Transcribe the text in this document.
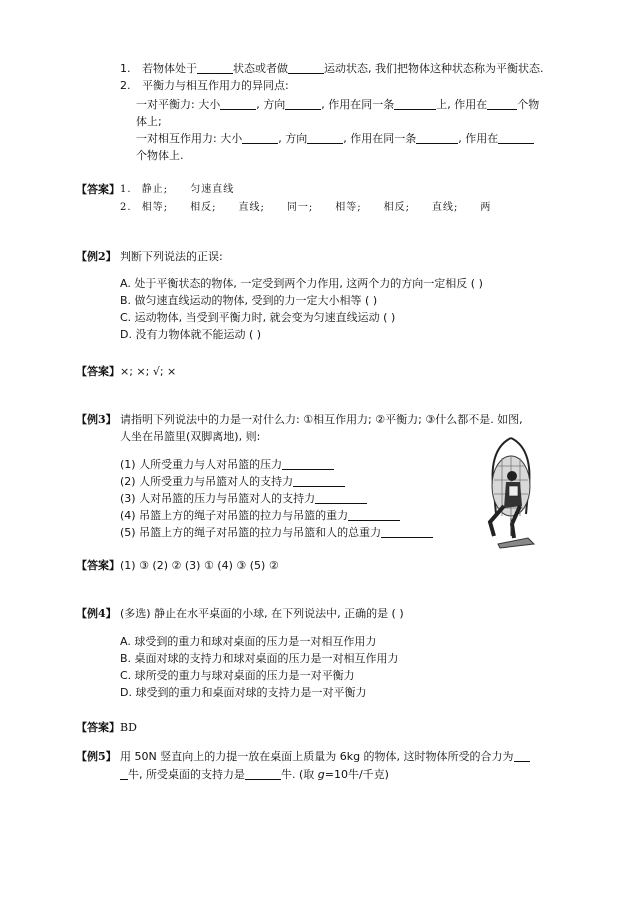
1. 若物体处于	状态或者做	运动状态, 我们把物体这种状态称为平衡状态.
2. 平衡力与相互作用力的异同点:
一对平衡力: 大小	, 方向	, 作用在同一条	上, 作用在	个物
体上;
一对相互作用力: 大小	, 方向	, 作用在同一条	, 作用在
个物体上.
【答案】 1. 静止; 匀速直线
2. 相等; 相反; 直线; 同一; 相等; 相反; 直线; 两
【例2】 判断下列说法的正误:
A. 处于平衡状态的物体, 一定受到两个力作用, 这两个力的方向一定相反 ( )
B. 做匀速直线运动的物体, 受到的力一定大小相等 ( )
C. 运动物体, 当受到平衡力时, 就会变为匀速直线运动 ( )
D. 没有力物体就不能运动 ( )
【答案】 ×; ×; √; ×
【例3】 请指明下列说法中的力是一对什么力: ①相互作用力; ②平衡力; ③什么都不是. 如图,
人坐在吊篮里(双脚离地), 则:
(1) 人所受重力与人对吊篮的压力
(2) 人所受重力与吊篮对人的支持力
(3) 人对吊篮的压力与吊篮对人的支持力
(4) 吊篮上方的绳子对吊篮的拉力与吊篮的重力
(5) 吊篮上方的绳子对吊篮的拉力与吊篮和人的总重力
【答案】 (1) ③ (2) ② (3) ① (4) ③ (5) ②
【例4】 (多选) 静止在水平桌面的小球, 在下列说法中, 正确的是 ( )
A. 球受到的重力和球对桌面的压力是一对相互作用力
B. 桌面对球的支持力和球对桌面的压力是一对相互作用力
C. 球所受的重力与球对桌面的压力是一对平衡力
D. 球受到的重力和桌面对球的支持力是一对平衡力
【答案】 BD
【例5】 用 50N 竖直向上的力提一放在桌面上质量为 6kg 的物体, 这时物体所受的合力为
牛, 所受桌面的支持力是	牛. (取 g=10牛/千克)
